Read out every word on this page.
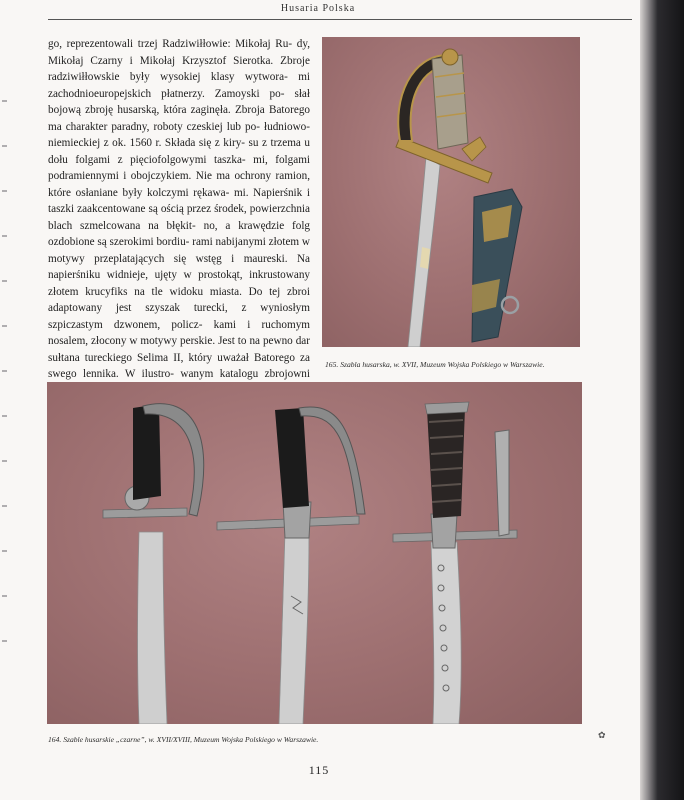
Husaria Polska

go, reprezentowali trzej Radziwiłłowie: Mikołaj Ru- dy, Mikołaj Czarny i Mikołaj Krzysztof Sierotka. Zbroje radziwiłłowskie były wysokiej klasy wytwora- mi zachodnioeuropejskich płatnerzy. Zamoyski po- słał bojową zbroję husarską, która zaginęła. Zbroja Batorego ma charakter paradny, roboty czeskiej lub po- łudniowo-niemieckiej z ok. 1560 r. Składa się z kiry- su z trzema u dołu folgami z pięciofolgowymi taszka- mi, folgami podramiennymi i obojczykiem. Nie ma ochrony ramion, które osłaniane były kolczymi rękawa- mi. Napierśnik i taszki zaakcentowane są ością przez środek, powierzchnia blach szmelcowana na błękit- no, a krawędzie folg ozdobione są szerokimi bordiu- rami nabijanymi złotem w motywy przeplatających się wstęg i maureski. Na napierśniku widnieje, ujęty w prostokąt, inkrustowany złotem krucyfiks na tle widoku miasta. Do tej zbroi adaptowany jest szyszak turecki, z wyniosłym szpiczastym dzwonem, policz- kami i ruchomym nosalem, złocony w motywy perskie. Jest to na pewno dar sułtana tureckiego Selima II, który uważał Batorego za swego lennika. W ilustro- wanym katalogu zbrojowni

165. Szabla husarska, w. XVII, Muzeum Wojska Polskiego w Warszawie.
164. Szable husarskie „czarne”, w. XVII/XVIII, Muzeum Wojska Polskiego w Warszawie.	✿
115
